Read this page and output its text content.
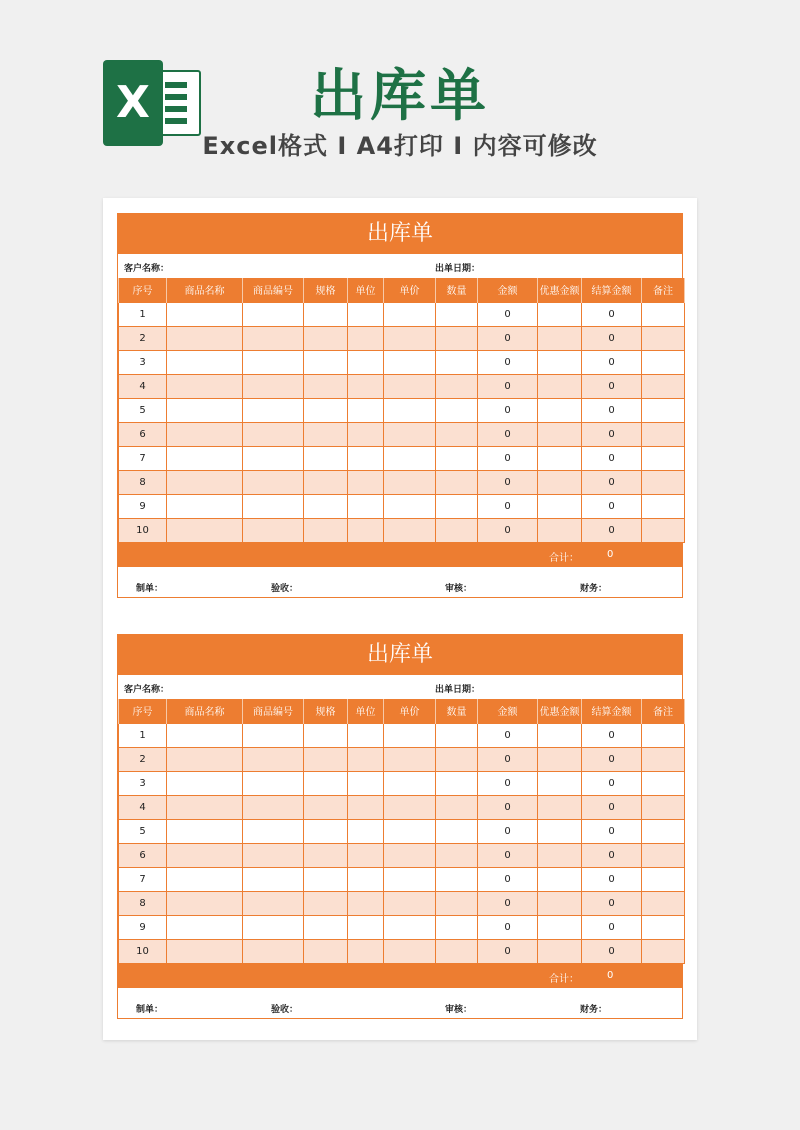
X	出库单
Excel格式 I A4打印 I 内容可修改
出库单
客户名称：	出单日期：
序号	商品名称	商品编号	规格	单位	单价	数量	金额	优惠金额	结算金额	备注
1							0		0	
2							0		0	
3							0		0	
4							0		0	
5							0		0	
6							0		0	
7							0		0	
8							0		0	
9							0		0	
10							0		0	
合计：	0
制单：	验收：	审核：	财务：
出库单
客户名称：	出单日期：
序号	商品名称	商品编号	规格	单位	单价	数量	金额	优惠金额	结算金额	备注
1							0		0	
2							0		0	
3							0		0	
4							0		0	
5							0		0	
6							0		0	
7							0		0	
8							0		0	
9							0		0	
10							0		0	
合计：	0
制单：	验收：	审核：	财务：
